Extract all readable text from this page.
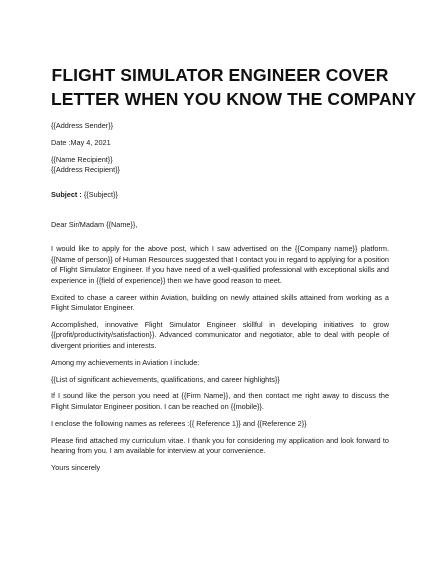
FLIGHT SIMULATOR ENGINEER COVER
LETTER WHEN YOU KNOW THE COMPANY
{{Address Sender}}
Date :May 4, 2021
{{Name Recipient}}
{{Address Recipient}}
Subject : {{Subject}}
Dear Sir/Madam {{Name}},

I would like to apply for the above post, which I saw advertised on the {{Company name}} platform. {{Name of person}} of Human Resources suggested that I contact you in regard to applying for a position of Flight Simulator Engineer. If you have need of a well-qualified professional with exceptional skills and experience in {{field of experience}} then we have good reason to meet.

Excited to chase a career within Aviation, building on newly attained skills attained from working as a Flight Simulator Engineer.

Accomplished, innovative Flight Simulator Engineer skillful in developing initiatives to grow {{profit/productivity/satisfaction}}. Advanced communicator and negotiator, able to deal with people of divergent priorities and interests.

Among my achievements in Aviation I include:

{{List of significant achievements, qualifications, and career highlights}}

If I sound like the person you need at {{Firm Name}}, and then contact me right away to discuss the Flight Simulator Engineer position. I can be reached on {{mobile}}.

I enclose the following names as referees :{{ Reference 1}} and {{Reference 2}}

Please find attached my curriculum vitae. I thank you for considering my application and look forward to hearing from you. I am available for interview at your convenience.

Yours sincerely
